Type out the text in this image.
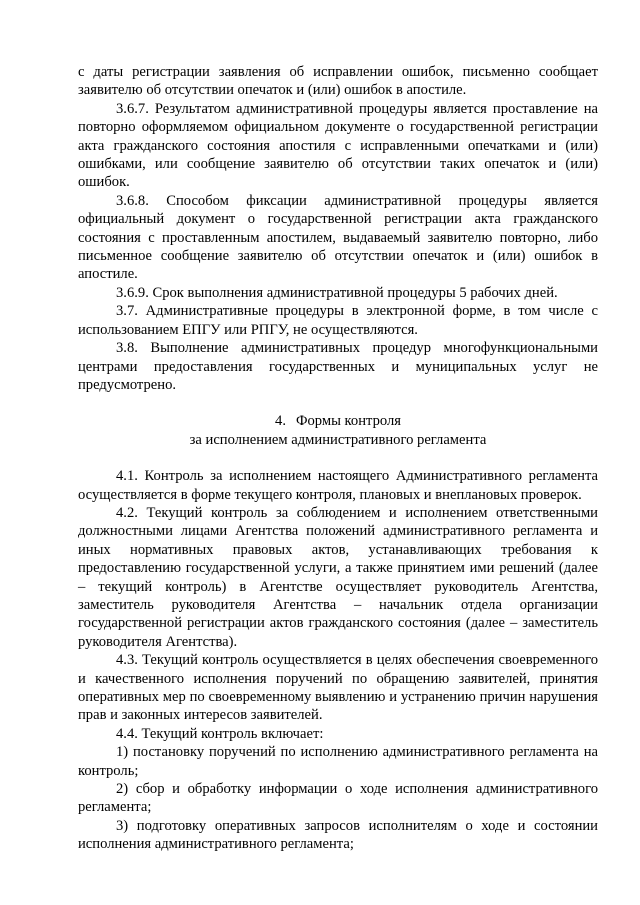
с даты регистрации заявления об исправлении ошибок, письменно сообщает заявителю об отсутствии опечаток и (или) ошибок в апостиле.

3.6.7. Результатом административной процедуры является проставление на повторно оформляемом официальном документе о государственной регистрации акта гражданского состояния апостиля с исправленными опечатками и (или) ошибками, или сообщение заявителю об отсутствии таких опечаток и (или) ошибок.

3.6.8. Способом фиксации административной процедуры является официальный документ о государственной регистрации акта гражданского состояния с проставленным апостилем, выдаваемый заявителю повторно, либо письменное сообщение заявителю об отсутствии опечаток и (или) ошибок в апостиле.

3.6.9. Срок выполнения административной процедуры 5 рабочих дней.

3.7. Административные процедуры в электронной форме, в том числе с использованием ЕПГУ или РПГУ, не осуществляются.

3.8. Выполнение административных процедур многофункциональными центрами предоставления государственных и муниципальных услуг не предусмотрено.

4. Формы контроля
за исполнением административного регламента

4.1. Контроль за исполнением настоящего Административного регламента осуществляется в форме текущего контроля, плановых и внеплановых проверок.

4.2. Текущий контроль за соблюдением и исполнением ответственными должностными лицами Агентства положений административного регламента и иных нормативных правовых актов, устанавливающих требования к предоставлению государственной услуги, а также принятием ими решений (далее – текущий контроль) в Агентстве осуществляет руководитель Агентства, заместитель руководителя Агентства – начальник отдела организации государственной регистрации актов гражданского состояния (далее – заместитель руководителя Агентства).

4.3. Текущий контроль осуществляется в целях обеспечения своевременного и качественного исполнения поручений по обращению заявителей, принятия оперативных мер по своевременному выявлению и устранению причин нарушения прав и законных интересов заявителей.

4.4. Текущий контроль включает:

1) постановку поручений по исполнению административного регламента на контроль;

2) сбор и обработку информации о ходе исполнения административного регламента;

3) подготовку оперативных запросов исполнителям о ходе и состоянии исполнения административного регламента;
